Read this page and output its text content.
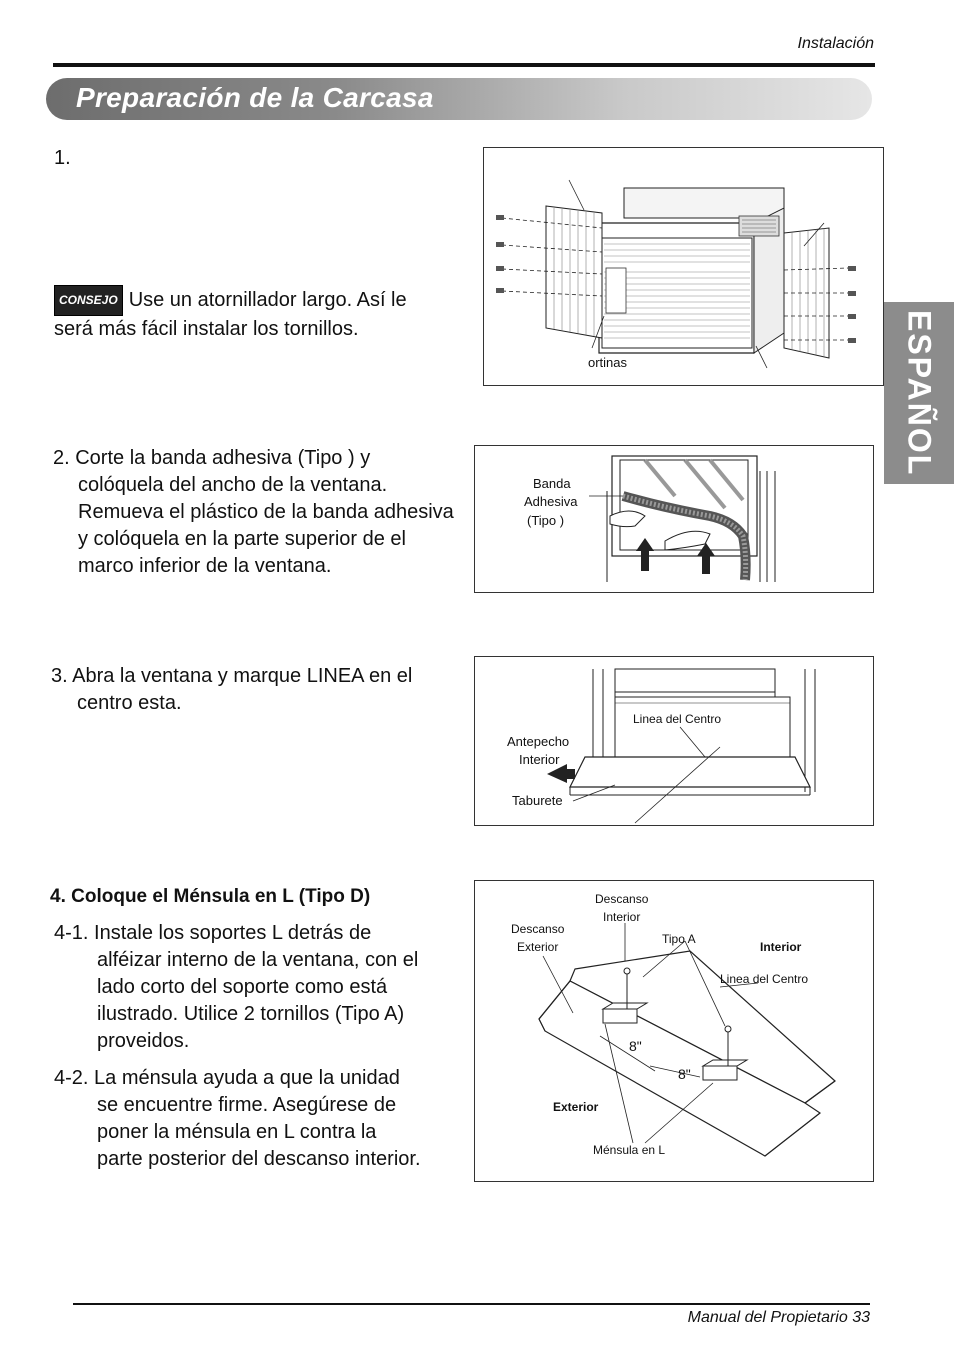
Instalación
Preparación de la Carcasa
ESPAÑOL
1.
CONSEJO Use un atornillador largo. Así le
será más fácil instalar los tornillos.
ortinas
2. Corte la banda adhesiva (Tipo ) y
colóquela del ancho de la ventana.
Remueva el plástico de la banda adhesiva
y colóquela en la parte superior de el
marco inferior de la ventana.
Banda
Adhesiva
(Tipo )
3. Abra la ventana y marque LINEA en el
centro esta.
Linea del Centro
Antepecho
Interior
Taburete
4. Coloque el Ménsula en L (Tipo D)
4-1. Instale los soportes L detrás de
alféizar interno de la ventana, con el
lado corto del soporte como está
ilustrado. Utilice 2 tornillos (Tipo A)
proveidos.
4-2. La ménsula ayuda a que la unidad
se encuentre firme. Asegúrese de
poner la ménsula en L contra la
parte posterior del descanso interior.
Descanso
Interior
Descanso
Exterior
Tipo A
Interior
Linea del Centro
8"
8"
Exterior
Ménsula en L
Manual del Propietario 33
